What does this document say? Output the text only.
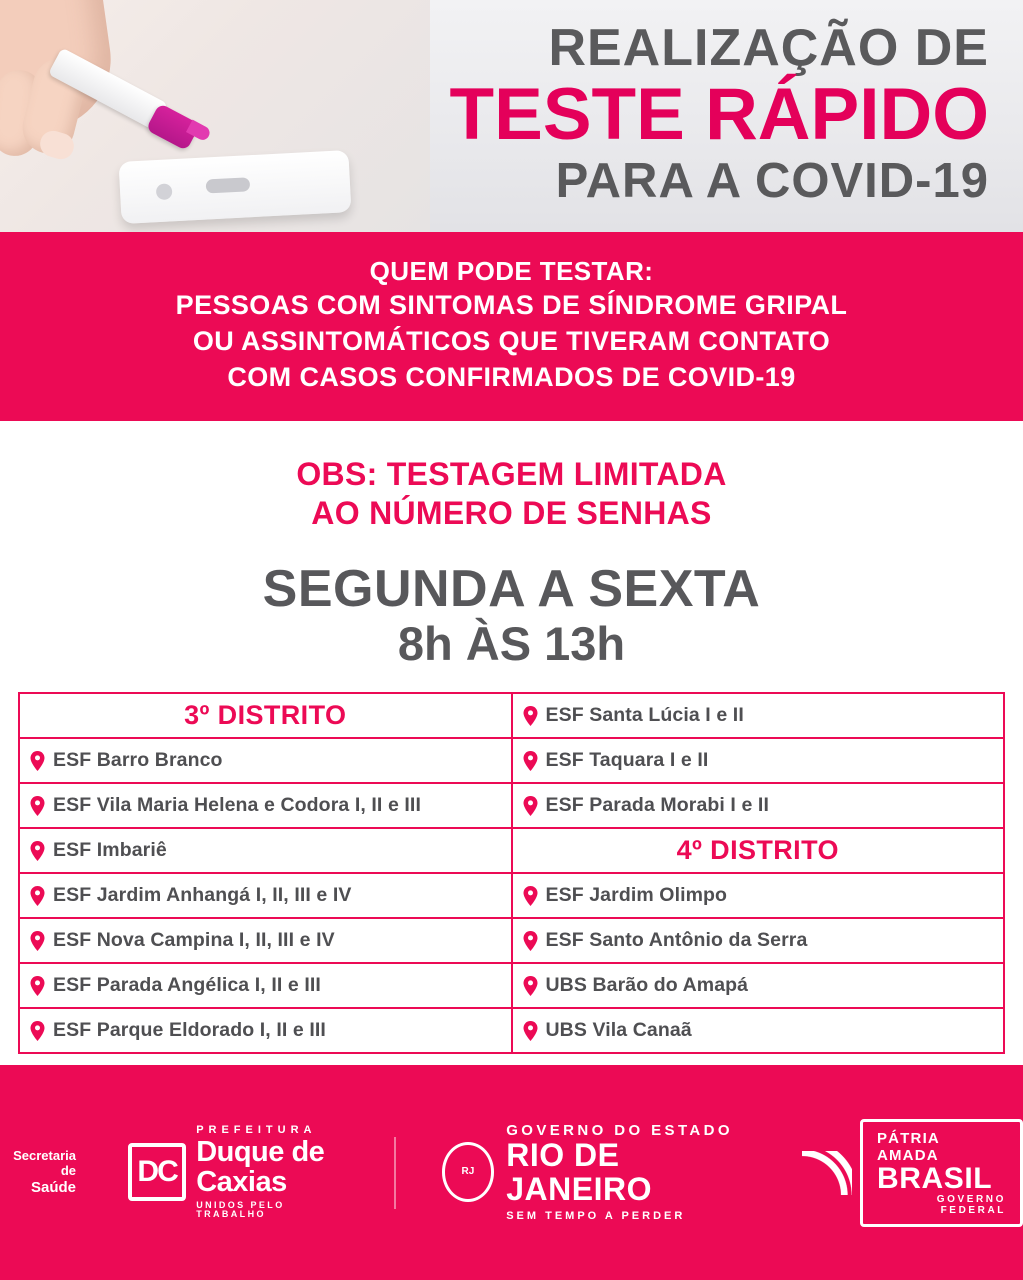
REALIZAÇÃO DE
TESTE RÁPIDO
PARA A COVID-19
QUEM PODE TESTAR:
PESSOAS COM SINTOMAS DE SÍNDROME GRIPAL
OU ASSINTOMÁTICOS QUE TIVERAM CONTATO
COM CASOS CONFIRMADOS DE COVID-19
OBS: TESTAGEM LIMITADA
AO NÚMERO DE SENHAS
SEGUNDA A SEXTA
8h ÀS 13h
3º DISTRITO	ESF Santa Lúcia I e II

ESF Barro Branco	ESF Taquara I e II

ESF Vila Maria Helena e Codora I, II e III	ESF Parada Morabi I e II

ESF Imbariê	4º DISTRITO

ESF Jardim Anhangá I, II, III e IV	ESF Jardim Olimpo

ESF Nova Campina I, II, III e IV	ESF Santo Antônio da Serra

ESF Parada Angélica I, II e III	UBS Barão do Amapá

ESF Parque Eldorado I, II e III	UBS Vila Canaã
Secretaria de
Saúde	DC
PREFEITURA
Duque de
Caxias
UNIDOS PELO TRABALHO
RJ
GOVERNO DO ESTADO
RIO DE JANEIRO
SEM TEMPO A PERDER
PÁTRIA AMADA
BRASIL
GOVERNO FEDERAL
